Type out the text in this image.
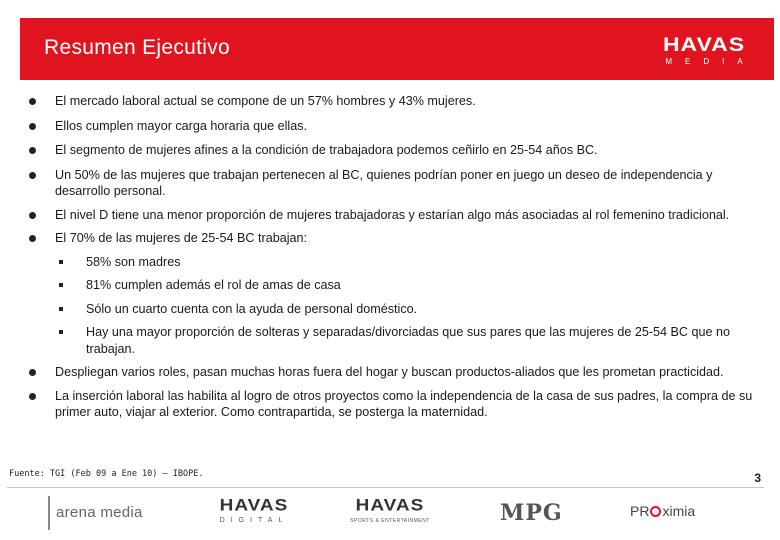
Resumen Ejecutivo	HAVAS
MEDIA
El mercado laboral actual se compone de un 57% hombres y 43% mujeres.
Ellos cumplen mayor carga horaria que ellas.
El segmento de mujeres afines a la condición de trabajadora podemos ceñirlo en 25-54 años BC.
Un 50% de las mujeres que trabajan pertenecen al BC, quienes podrían poner en juego un deseo de independencia y desarrollo personal.
El nivel D tiene una menor proporción de mujeres trabajadoras y estarían algo más asociadas al rol femenino tradicional.
El 70% de las mujeres de 25-54 BC trabajan:
58% son madres
81% cumplen además el rol de amas de casa
Sólo un cuarto cuenta con la ayuda de personal doméstico.
Hay una mayor proporción de solteras y separadas/divorciadas que sus pares que las mujeres de 25-54 BC que no trabajan.
Despliegan varios roles, pasan muchas horas fuera del hogar y buscan productos-aliados que les prometan practicidad.
La inserción laboral las habilita al logro de otros proyectos como la independencia de la casa de sus padres, la compra de su primer auto, viajar al exterior. Como contrapartida, se posterga la maternidad.
Fuente: TGI (Feb 09 a Ene 10) – IBOPE.	3
arena media	HAVAS
DIGITAL
HAVAS
SPORTS & ENTERTAINMENT	MPG	PR ximia
